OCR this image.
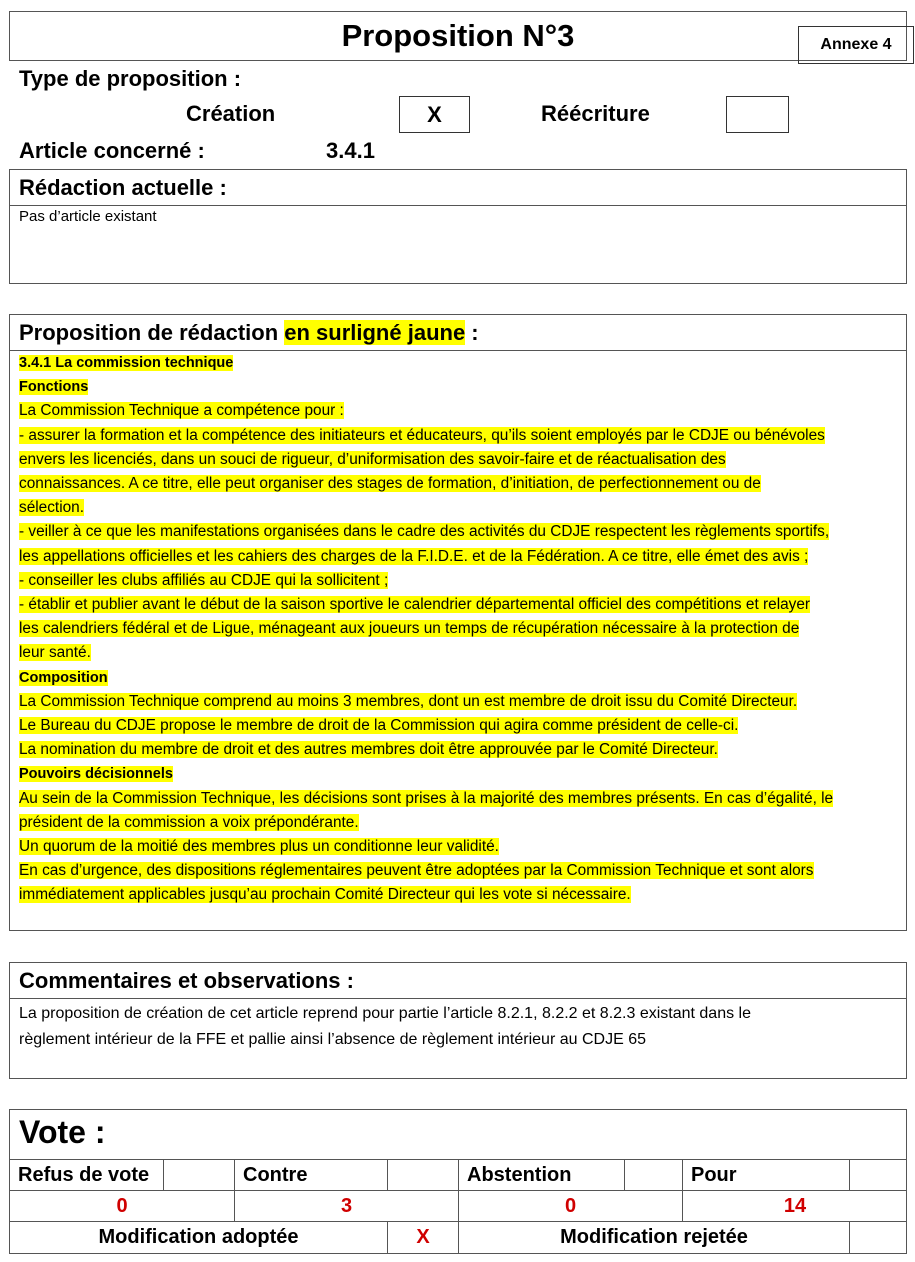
Proposition N°3	Annexe 4
Type de proposition :
Création	X	Réécriture
Article concerné :	3.4.1
Rédaction actuelle :
Pas d’article existant
Proposition de rédaction en surligné jaune :

3.4.1 La commission technique

Fonctions

La Commission Technique a compétence pour :

- assurer la formation et la compétence des initiateurs et éducateurs, qu’ils soient employés par le CDJE ou bénévoles

envers les licenciés, dans un souci de rigueur, d’uniformisation des savoir-faire et de réactualisation des

connaissances. A ce titre, elle peut organiser des stages de formation, d’initiation, de perfectionnement ou de

sélection.

- veiller à ce que les manifestations organisées dans le cadre des activités du CDJE respectent les règlements sportifs,

les appellations officielles et les cahiers des charges de la F.I.D.E. et de la Fédération. A ce titre, elle émet des avis ;

- conseiller les clubs affiliés au CDJE qui la sollicitent ;

- établir et publier avant le début de la saison sportive le calendrier départemental officiel des compétitions et relayer

les calendriers fédéral et de Ligue, ménageant aux joueurs un temps de récupération nécessaire à la protection de

leur santé.

Composition

La Commission Technique comprend au moins 3 membres, dont un est membre de droit issu du Comité Directeur.

Le Bureau du CDJE propose le membre de droit de la Commission qui agira comme président de celle-ci.

La nomination du membre de droit et des autres membres doit être approuvée par le Comité Directeur.

Pouvoirs décisionnels

Au sein de la Commission Technique, les décisions sont prises à la majorité des membres présents. En cas d’égalité, le

président de la commission a voix prépondérante.

Un quorum de la moitié des membres plus un conditionne leur validité.

En cas d’urgence, des dispositions réglementaires peuvent être adoptées par la Commission Technique et sont alors

immédiatement applicables jusqu’au prochain Comité Directeur qui les vote si nécessaire.

Commentaires et observations :
La proposition de création de cet article reprend pour partie l’article 8.2.1, 8.2.2 et 8.2.3 existant dans le
règlement intérieur de la FFE et pallie ainsi l’absence de règlement intérieur au CDJE 65
Vote :
Refus de vote	Contre	Abstention	Pour
0	3	0	14
Modification adoptée	X	Modification rejetée
